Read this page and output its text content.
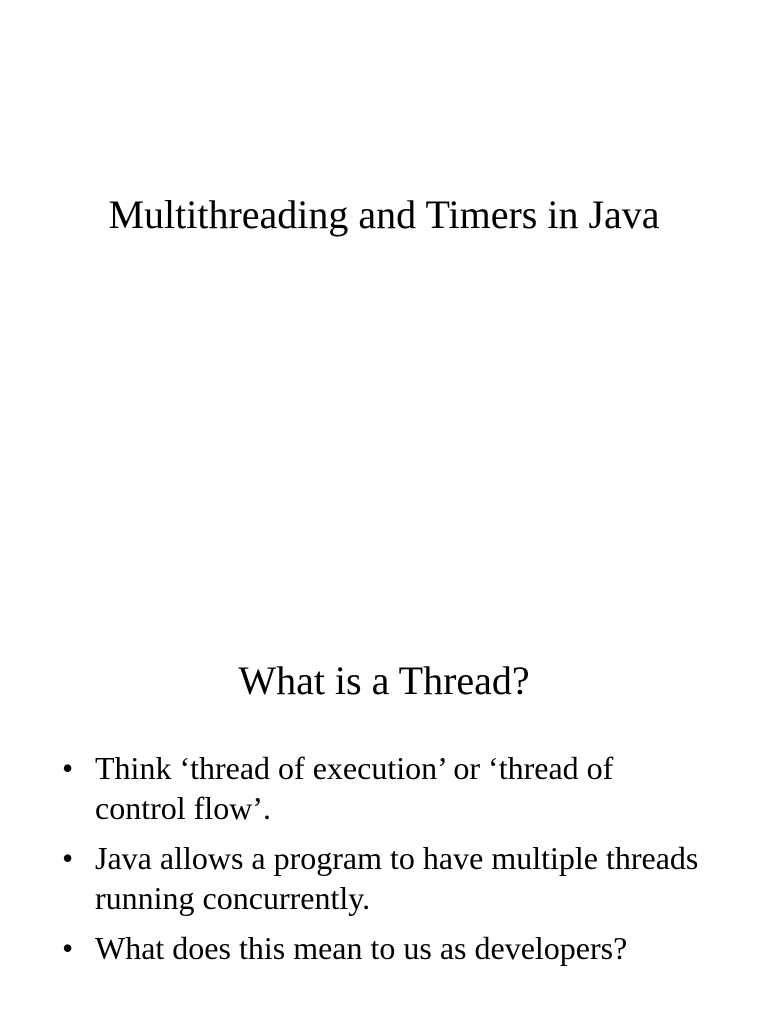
Multithreading and Timers in Java
What is a Thread?
• Think ‘thread of execution’ or ‘thread of control flow’.
• Java allows a program to have multiple threads running concurrently.
• What does this mean to us as developers?
